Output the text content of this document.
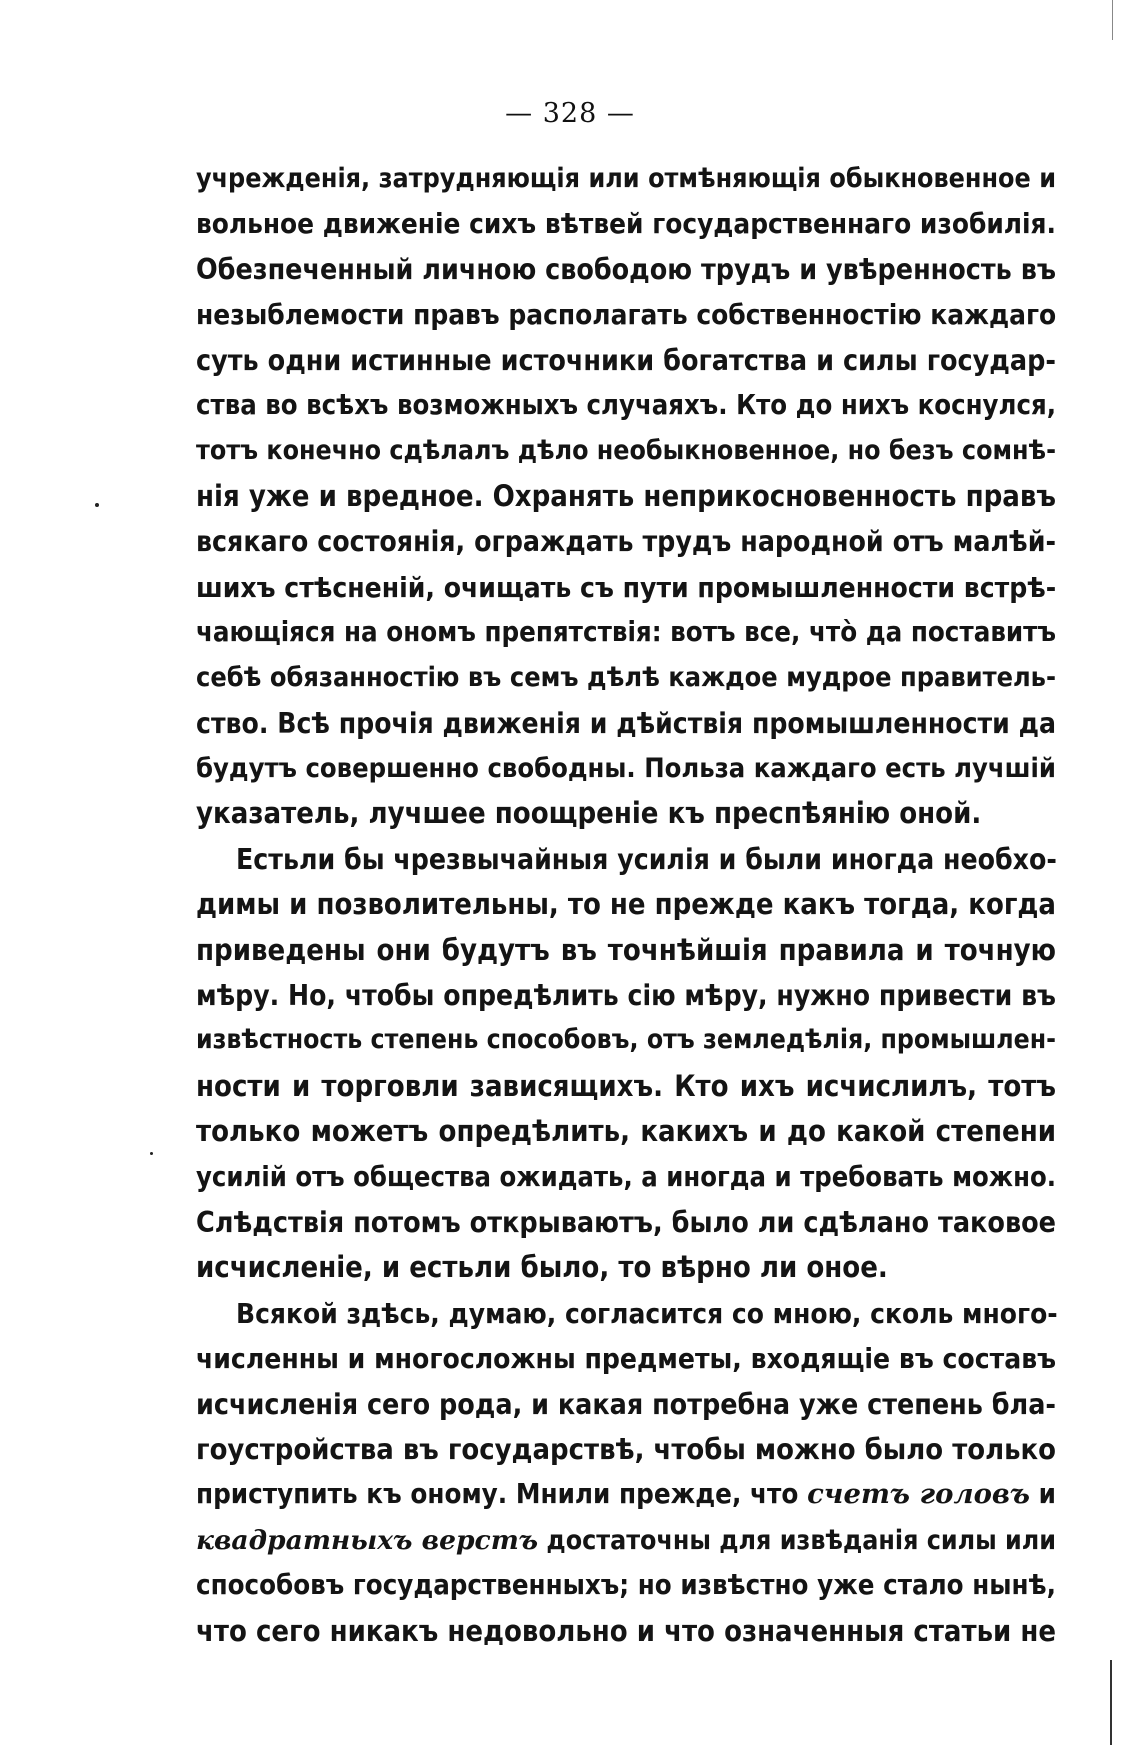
— 328 —
учрежденія, затрудняющія или отмѣняющія обыкновенное и
вольное движеніе сихъ вѣтвей государственнаго изобилія.
Обезпеченный личною свободою трудъ и увѣренность въ
незыблемости правъ располагать собственностію каждаго
суть одни истинные источники богатства и силы государ-
ства во всѣхъ возможныхъ случаяхъ. Кто до нихъ коснулся,
тотъ конечно сдѣлалъ дѣло необыкновенное, но безъ сомнѣ-
нія уже и вредное. Охранять неприкосновенность правъ
всякаго состоянія, ограждать трудъ народной отъ малѣй-
шихъ стѣсненій, очищать съ пути промышленности встрѣ-
чающіяся на ономъ препятствія: вотъ все, что̀ да поставитъ
себѣ обязанностію въ семъ дѣлѣ каждое мудрое правитель-
ство. Всѣ прочія движенія и дѣйствія промышленности да
будутъ совершенно свободны. Польза каждаго есть лучшій
указатель, лучшее поощреніе къ преспѣянію оной.
Естьли бы чрезвычайныя усилія и были иногда необхо-
димы и позволительны, то не прежде какъ тогда, когда
приведены они будутъ въ точнѣйшія правила и точную
мѣру. Но, чтобы опредѣлить сію мѣру, нужно привести въ
извѣстность степень способовъ, отъ земледѣлія, промышлен-
ности и торговли зависящихъ. Кто ихъ исчислилъ, тотъ
только можетъ опредѣлить, какихъ и до какой степени
усилій отъ общества ожидать, а иногда и требовать можно.
Слѣдствія потомъ открываютъ, было ли сдѣлано таковое
исчисленіе, и естьли было, то вѣрно ли оное.
Всякой здѣсь, думаю, согласится со мною, сколь много-
численны и многосложны предметы, входящіе въ составъ
исчисленія сего рода, и какая потребна уже степень бла-
гоустройства въ государствѣ, чтобы можно было только
приступить къ оному. Мнили прежде, что счетъ головъ и
квадратныхъ верстъ достаточны для извѣданія силы или
способовъ государственныхъ; но извѣстно уже стало нынѣ,
что сего никакъ недовольно и что означенныя статьи не
